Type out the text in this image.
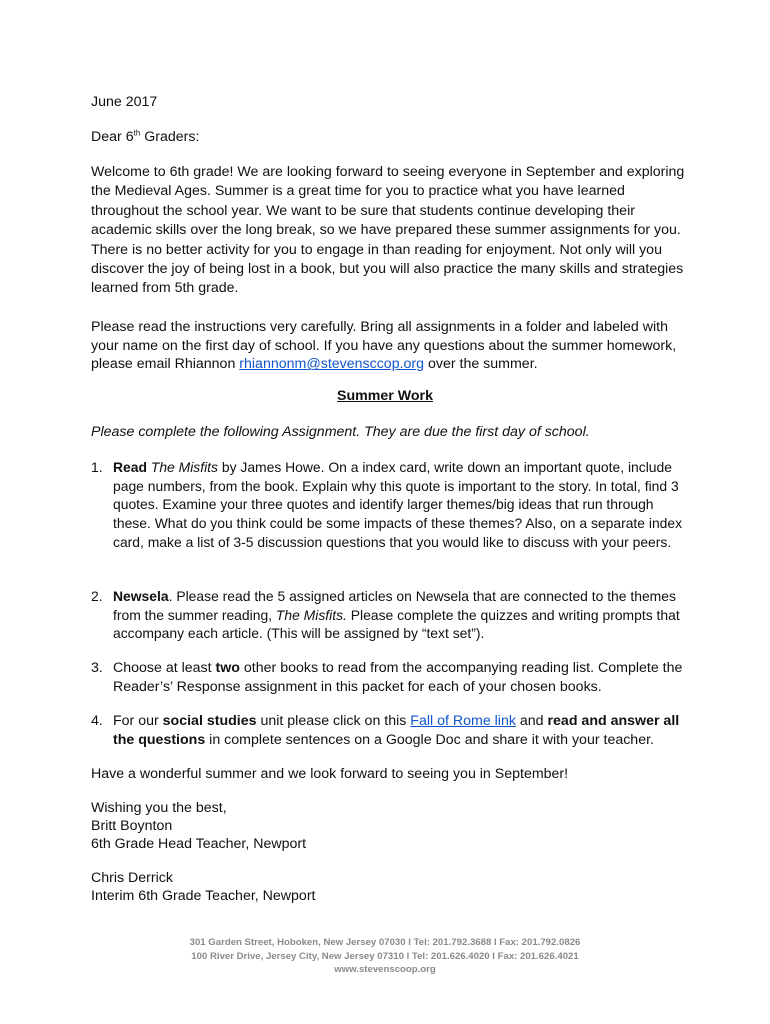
June 2017
Dear 6th Graders:
Welcome to 6th grade! We are looking forward to seeing everyone in September and exploring the Medieval Ages. Summer is a great time for you to practice what you have learned throughout the school year. We want to be sure that students continue developing their academic skills over the long break, so we have prepared these summer assignments for you. There is no better activity for you to engage in than reading for enjoyment. Not only will you discover the joy of being lost in a book, but you will also practice the many skills and strategies learned from 5th grade.
Please read the instructions very carefully. Bring all assignments in a folder and labeled with your name on the first day of school. If you have any questions about the summer homework, please email Rhiannon rhiannonm@stevensccop.org over the summer.
Summer Work
Please complete the following Assignment. They are due the first day of school.
1. Read The Misfits by James Howe. On a index card, write down an important quote, include page numbers, from the book. Explain why this quote is important to the story. In total, find 3 quotes. Examine your three quotes and identify larger themes/big ideas that run through these. What do you think could be some impacts of these themes? Also, on a separate index card, make a list of 3-5 discussion questions that you would like to discuss with your peers.
2. Newsela. Please read the 5 assigned articles on Newsela that are connected to the themes from the summer reading, The Misfits. Please complete the quizzes and writing prompts that accompany each article. (This will be assigned by “text set”).
3. Choose at least two other books to read from the accompanying reading list. Complete the Reader’s’ Response assignment in this packet for each of your chosen books.
4. For our social studies unit please click on this Fall of Rome link and read and answer all the questions in complete sentences on a Google Doc and share it with your teacher.
Have a wonderful summer and we look forward to seeing you in September!
Wishing you the best,
Britt Boynton
6th Grade Head Teacher, Newport
Chris Derrick
Interim 6th Grade Teacher, Newport
301 Garden Street, Hoboken, New Jersey 07030 l Tel: 201.792.3688 l Fax: 201.792.0826
100 River Drive, Jersey City, New Jersey 07310 l Tel: 201.626.4020 l Fax: 201.626.4021
www.stevenscoop.org
